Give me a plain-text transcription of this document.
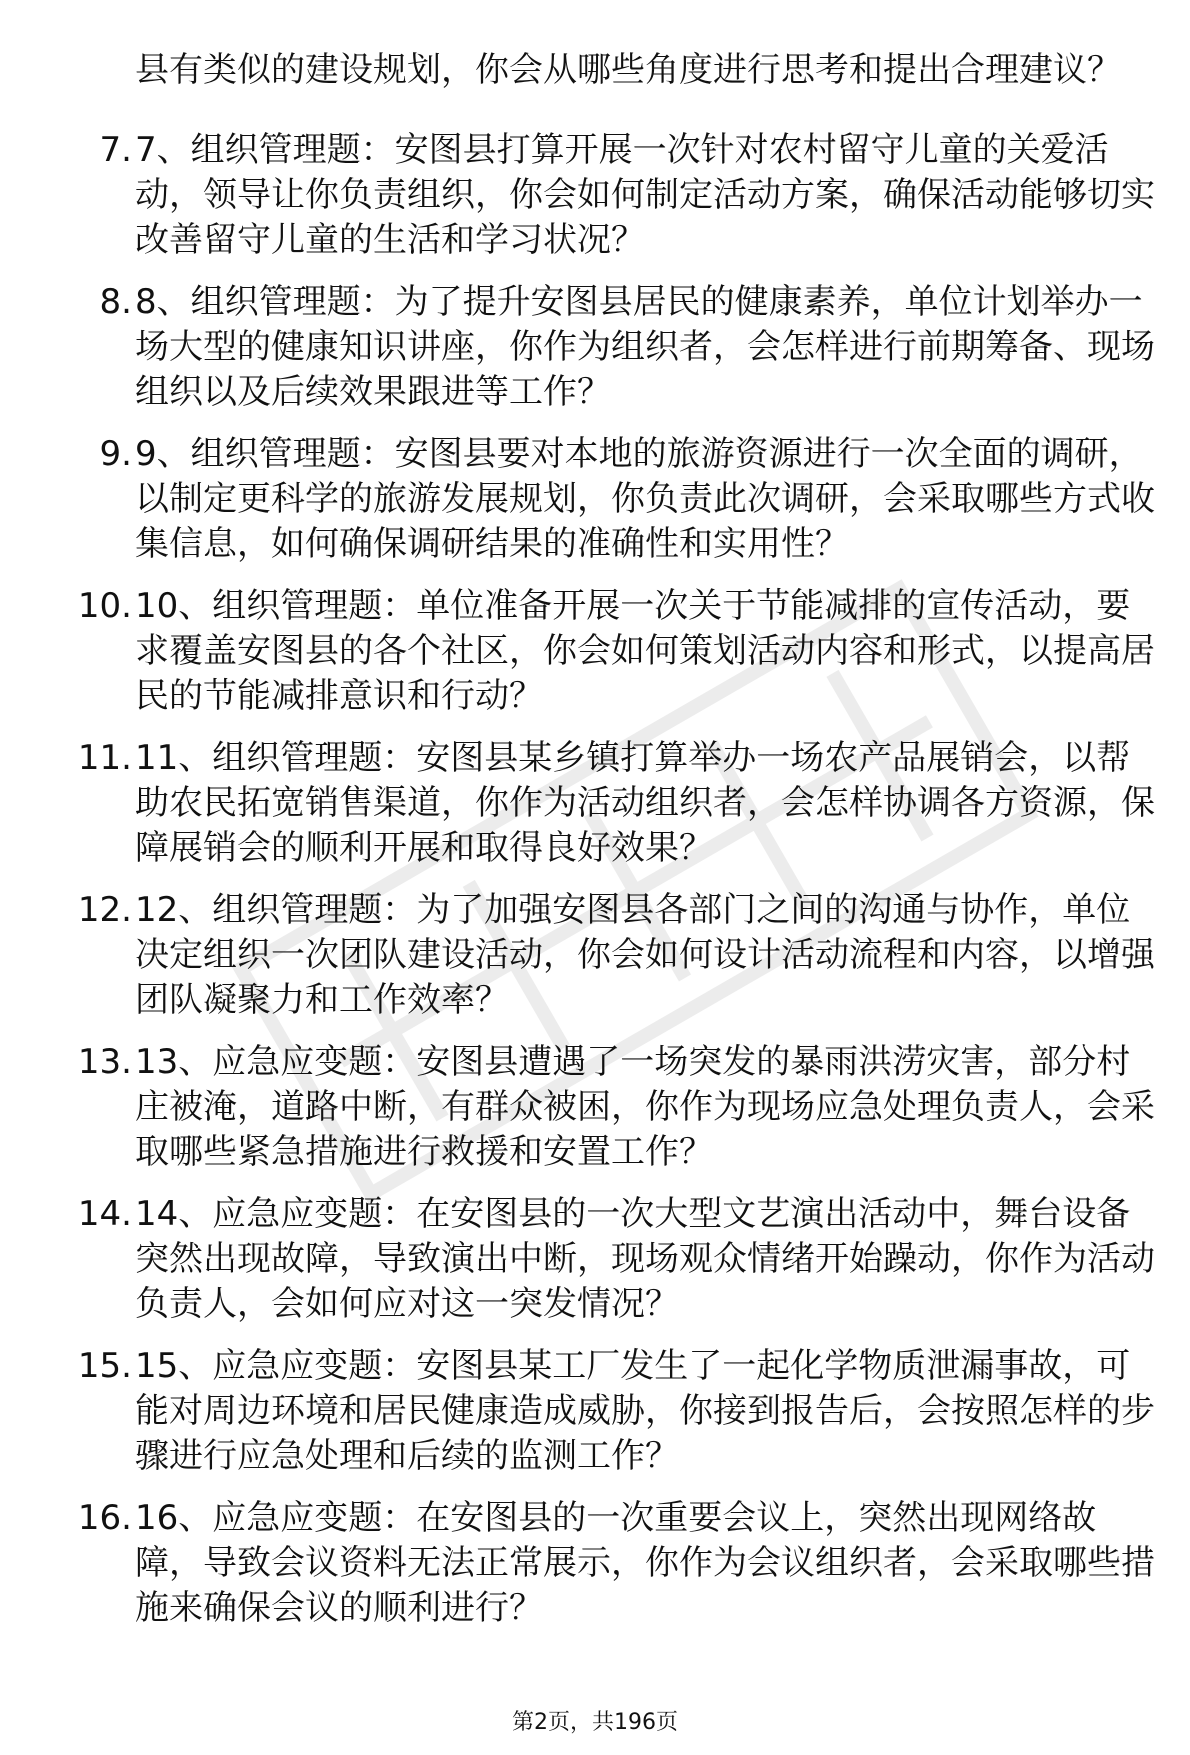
县有类似的建设规划，你会从哪些角度进行思考和提出合理建议？
7. 7、组织管理题：安图县打算开展一次针对农村留守儿童的关爱活动，领导让你负责组织，你会如何制定活动方案，确保活动能够切实改善留守儿童的生活和学习状况？
8. 8、组织管理题：为了提升安图县居民的健康素养，单位计划举办一场大型的健康知识讲座，你作为组织者，会怎样进行前期筹备、现场组织以及后续效果跟进等工作？
9. 9、组织管理题：安图县要对本地的旅游资源进行一次全面的调研，以制定更科学的旅游发展规划，你负责此次调研，会采取哪些方式收集信息，如何确保调研结果的准确性和实用性？
10. 10、组织管理题：单位准备开展一次关于节能减排的宣传活动，要求覆盖安图县的各个社区，你会如何策划活动内容和形式，以提高居民的节能减排意识和行动？
11. 11、组织管理题：安图县某乡镇打算举办一场农产品展销会，以帮助农民拓宽销售渠道，你作为活动组织者，会怎样协调各方资源，保障展销会的顺利开展和取得良好效果？
12. 12、组织管理题：为了加强安图县各部门之间的沟通与协作，单位决定组织一次团队建设活动，你会如何设计活动流程和内容，以增强团队凝聚力和工作效率？
13. 13、应急应变题：安图县遭遇了一场突发的暴雨洪涝灾害，部分村庄被淹，道路中断，有群众被困，你作为现场应急处理负责人，会采取哪些紧急措施进行救援和安置工作？
14. 14、应急应变题：在安图县的一次大型文艺演出活动中，舞台设备突然出现故障，导致演出中断，现场观众情绪开始躁动，你作为活动负责人，会如何应对这一突发情况？
15. 15、应急应变题：安图县某工厂发生了一起化学物质泄漏事故，可能对周边环境和居民健康造成威胁，你接到报告后，会按照怎样的步骤进行应急处理和后续的监测工作？
16. 16、应急应变题：在安图县的一次重要会议上，突然出现网络故障，导致会议资料无法正常展示，你作为会议组织者，会采取哪些措施来确保会议的顺利进行？
第2页，共196页
